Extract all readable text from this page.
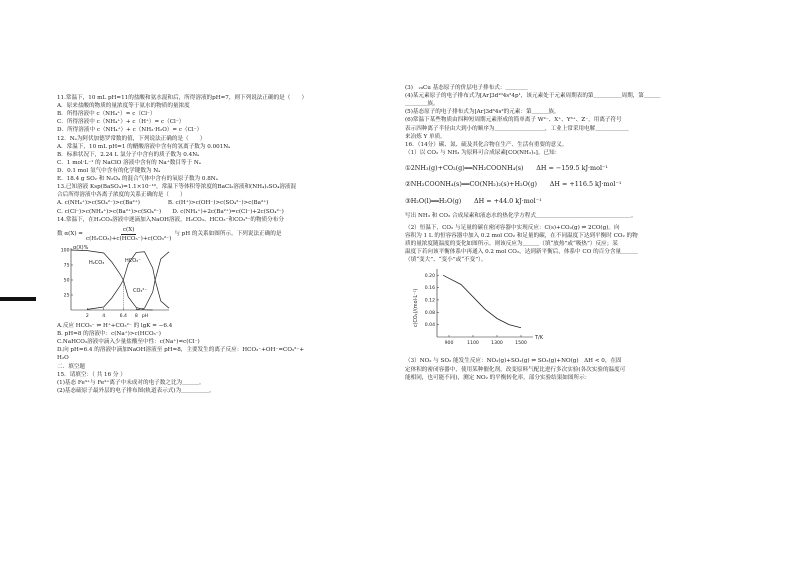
11.常温下，10 mL pH=11的盐酸和氨水混和后，所得溶液的pH=7，则下列说法正确的是（　　）

A．原来盐酸的物质的量浓度等于氨水的物质的量浓度

B．所得溶液中 c（NH₄⁺）= c（Cl⁻）

C．所得溶液中 c（NH₄⁺）+ c（H⁺）= c（Cl⁻）

D．所得溶液中 c（NH₄⁺）+ c（NH₃·H₂O）= c（Cl⁻）

12．Nₐ为阿伏加德罗常数的值，下列说法正确的是（　　）

A．常温下，10 mL pH=1 的醋酸溶液中含有的氢离子数为 0.001Nₐ

B．标准状况下，2.24 L 氯分子中含有的质子数为 0.4Nₐ

C．1 mol·L⁻¹ 的 NaClO 溶液中含有的 Na⁺数目等于 Nₐ

D．0.1 mol 氢气中含有的化学键数为 Nₐ

E．18.4 g SO₂ 和 N₂O₄ 的混合气体中含有的氧原子数为 0.8Nₐ

13.已知溶液 Ksp(BaSO₄)=1.1×10⁻¹⁰，常温下等体积等浓度的BaCl₂溶液和(NH₄)₂SO₄溶液混

合后所得溶液中各离子浓度的关系正确的是（　　）

A. c(NH₄⁺)>c(SO₄²⁻)>c(Ba²⁺)　　　　　B. c(H⁺)>c(OH⁻)>c(SO₄²⁻)>c(Ba²⁺)

C. c(Cl⁻)>c(NH₄⁺)>c(Ba²⁺)>c(SO₄²⁻)　　D. c(NH₄⁺)+2c(Ba²⁺)=c(Cl⁻)+2c(SO₄²⁻)

14.常温下，在H₂CO₃溶液中逐滴加入NaOH溶液，H₂CO₃、HCO₃⁻和CO₃²⁻的物质分布分

数 α(X) =
c(X)
c(H₂CO₃)+c(HCO₃⁻)+c(CO₃²⁻)
与 pH 的关系如图所示。下列说法正确的是

α(X)%
100
75
50
25
2	4	6.4 8 pH
H₂CO₃	HCO₃⁻
CO₃²⁻

A.反应 HCO₃⁻ ⇌ H⁺+CO₃²⁻ 的 lgK = −6.4

B. pH=8 的溶液中：c(Na⁺)>c(HCO₃⁻)

C.NaHCO₃溶液中滴入少量盐酸至中性：c(Na⁺)=c(Cl⁻)

D.向 pH=6.4 的溶液中滴加NaOH溶液至 pH=8，主要发生的离子反应：HCO₃⁻+OH⁻=CO₃²⁻+

H₂O

二．填空题

15．请填空：（ 共 16 分 ）

(1)基态 Fe³⁺与 Fe²⁺离子中未成对的电子数之比为＿＿＿。

(2)基态硫原子最外层的电子排布图(轨道表示式)为＿＿＿＿＿。

(3)　₂₉Cu 基态原子的价层电子排布式：＿＿＿＿

(4)某元素原子的电子排布式为[Ar]3d¹⁰4s²4p¹，该元素处于元素周期表的第＿＿＿＿＿周期，第＿＿＿

＿＿＿＿族。

(5)基态原子的电子排布式为[Ar]3d⁶4s²的元素：第＿＿＿族。

(6)常温下某些物质由四种短周期元素形成的简单离子 W²⁻、X⁺、Y³⁺、Z⁻，用离子符号

表示四种离子半径由大到小的顺序为＿＿＿＿＿＿＿＿＿，工业上常采用电解＿＿＿＿＿＿

来冶炼 Y 单质。

16．（14分）碳、氮、硫及其化合物在生产、生活有重要的意义。

（1）以 CO₂ 与 NH₃ 为原料可合成尿素[CO(NH₂)₂]。已知：

①2NH₃(g)+CO₂(g)══NH₂COONH₄(s)　　ΔH = −159.5 kJ·mol⁻¹

②NH₂COONH₄(s)══CO(NH₂)₂(s)+H₂O(g)　　ΔH = +116.5 kJ·mol⁻¹

③H₂O(l)══H₂O(g)　　ΔH = +44.0 kJ·mol⁻¹

写出 NH₃ 和 CO₂ 合成尿素和液态水的热化学方程式＿＿＿＿＿＿＿＿＿＿＿＿＿＿＿＿＿。

（2）恒温下，CO₂ 与足量的碳在密闭容器中实现反应：C(s)+CO₂(g) ⇌ 2CO(g)。向

容积为 1 L 的恒容容器中加入 0.2 mol CO₂ 和足量的碳，在不同温度下达到平衡时 CO₂ 的物

质的量浓度随温度的变化如图所示。则该反应为＿＿＿（填“放热”或“吸热”）反应；某

温度下若向该平衡体系中再通入 0.2 mol CO₂，达到新平衡后，体系中 CO 的百分含量＿＿＿

（填“变大”、“变小”或“不变”）。

c(CO₂)/(mol·L⁻¹)
T/K
0.20
0.16
0.12
0.08
0.04
900	1100	1300	1500

（3）NO₂ 与 SO₂ 能发生反应：NO₂(g)+SO₂(g) ⇌ SO₃(g)+NO(g)　ΔH < 0，在固

定体积的密闭容器中，使用某种催化剂，改变原料气配比进行多次实验(各次实验的温度可

能相同，也可能不同)，测定 NO₂ 的平衡转化率。部分实验结果如图所示：
